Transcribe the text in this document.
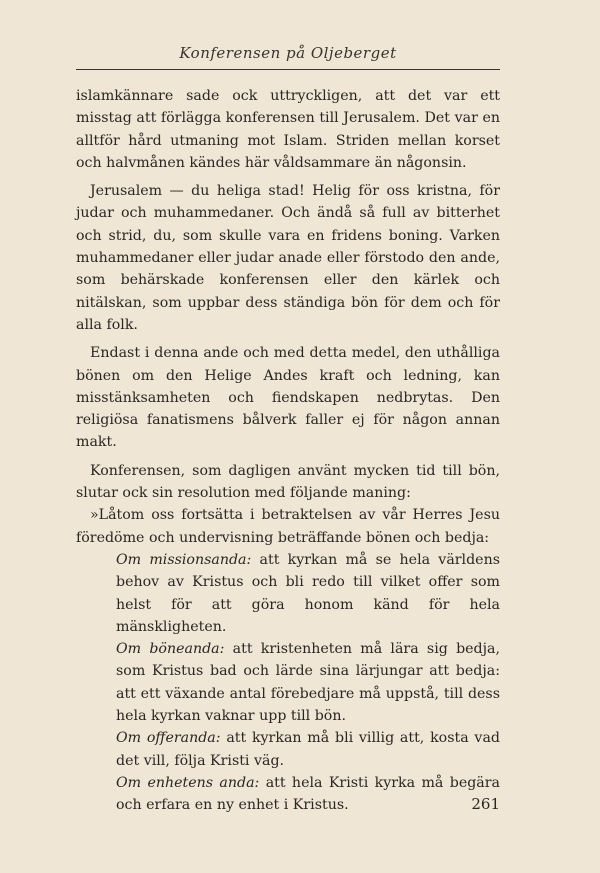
Konferensen på Oljeberget

islamkännare sade ock uttryckligen, att det var ett misstag att förlägga konferensen till Jerusalem. Det var en alltför hård utmaning mot Islam. Striden mellan korset och halvmånen kändes här våldsammare än någonsin.

Jerusalem — du heliga stad! Helig för oss kristna, för judar och muhammedaner. Och ändå så full av bitterhet och strid, du, som skulle vara en fridens boning. Varken muhammedaner eller judar anade eller förstodo den ande, som behärskade konferensen eller den kärlek och nitälskan, som uppbar dess ständiga bön för dem och för alla folk.

Endast i denna ande och med detta medel, den uthålliga bönen om den Helige Andes kraft och ledning, kan misstänksamheten och fiendskapen nedbrytas. Den religiösa fanatismens bålverk faller ej för någon annan makt.

Konferensen, som dagligen använt mycken tid till bön, slutar ock sin resolution med följande maning:

»Låtom oss fortsätta i betraktelsen av vår Herres Jesu föredöme och undervisning beträffande bönen och bedja:

Om missionsanda: att kyrkan må se hela världens behov av Kristus och bli redo till vilket offer som helst för att göra honom känd för hela mänskligheten.

Om böneanda: att kristenheten må lära sig bedja, som Kristus bad och lärde sina lärjungar att bedja: att ett växande antal förebedjare må uppstå, till dess hela kyrkan vaknar upp till bön.

Om offeranda: att kyrkan må bli villig att, kosta vad det vill, följa Kristi väg.

Om enhetens anda: att hela Kristi kyrka må begära och erfara en ny enhet i Kristus.	261
